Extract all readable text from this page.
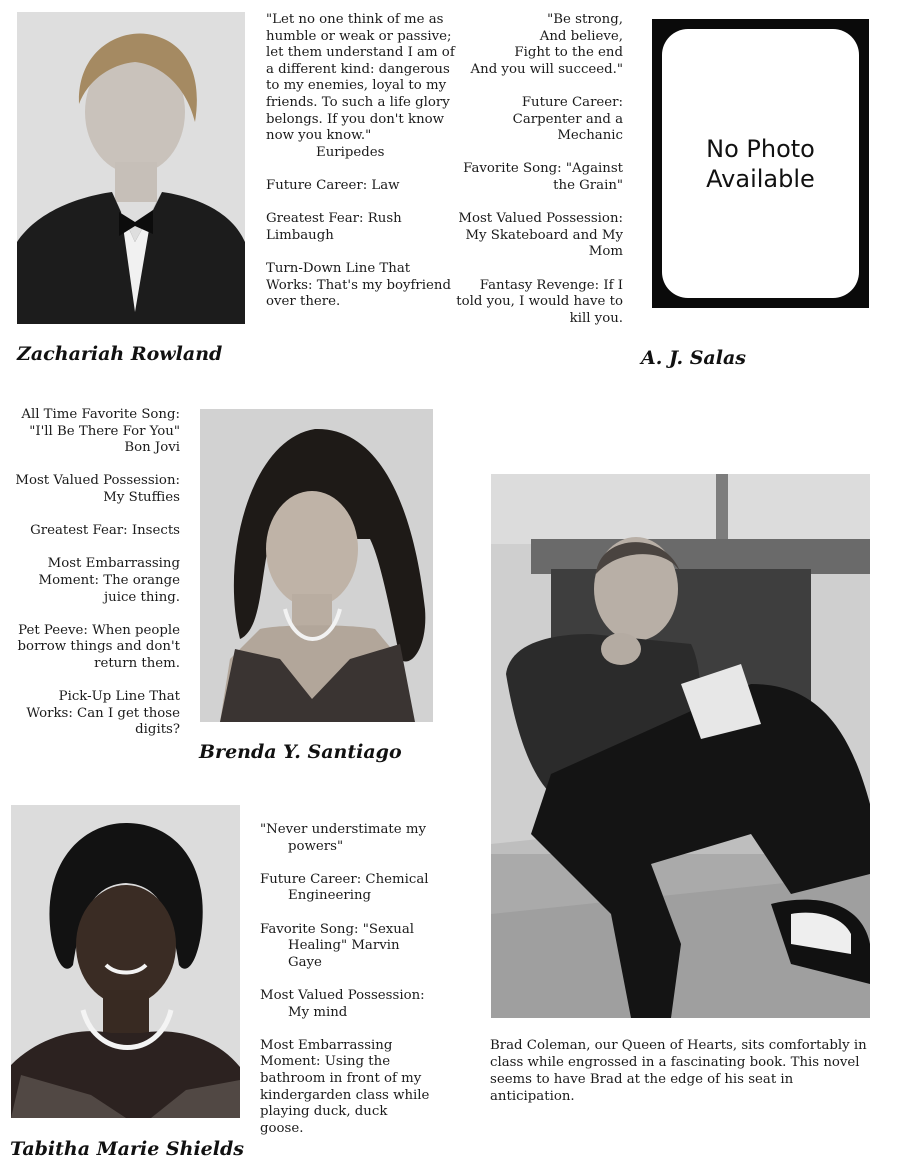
"Let no one think of me as humble or weak or passive; let them understand I am of a different kind: dangerous to my enemies, loyal to my friends. To such a life glory belongs. If you don't know now you know."

Euripedes

Future Career: Law

Greatest Fear: Rush Limbaugh

Turn-Down Line That Works: That's my boyfriend over there.

Zachariah Rowland

"Be strong,

And believe,

Fight to the end

And you will succeed."

Future Career: Carpenter and a Mechanic

Favorite Song: "Against the Grain"

Most Valued Possession: My Skateboard and My Mom

Fantasy Revenge: If I told you, I would have to kill you.

No Photo
Available
A. J. Salas

All Time Favorite Song: "I'll Be There For You" Bon Jovi

Most Valued Possession: My Stuffies

Greatest Fear: Insects

Most Embarrassing Moment: The orange juice thing.

Pet Peeve: When people borrow things and don't return them.

Pick-Up Line That Works: Can I get those digits?

Brenda Y. Santiago
Brad Coleman, our Queen of Hearts, sits comfortably in class while engrossed in a fascinating book. This novel seems to have Brad at the edge of his seat in anticipation.

"Never understimate my powers"

Future Career: Chemical Engineering

Favorite Song: "Sexual Healing" Marvin Gaye

Most Valued Possession: My mind

Most Embarrassing Moment: Using the bathroom in front of my kindergarden class while playing duck, duck goose.

Tabitha Marie Shields
